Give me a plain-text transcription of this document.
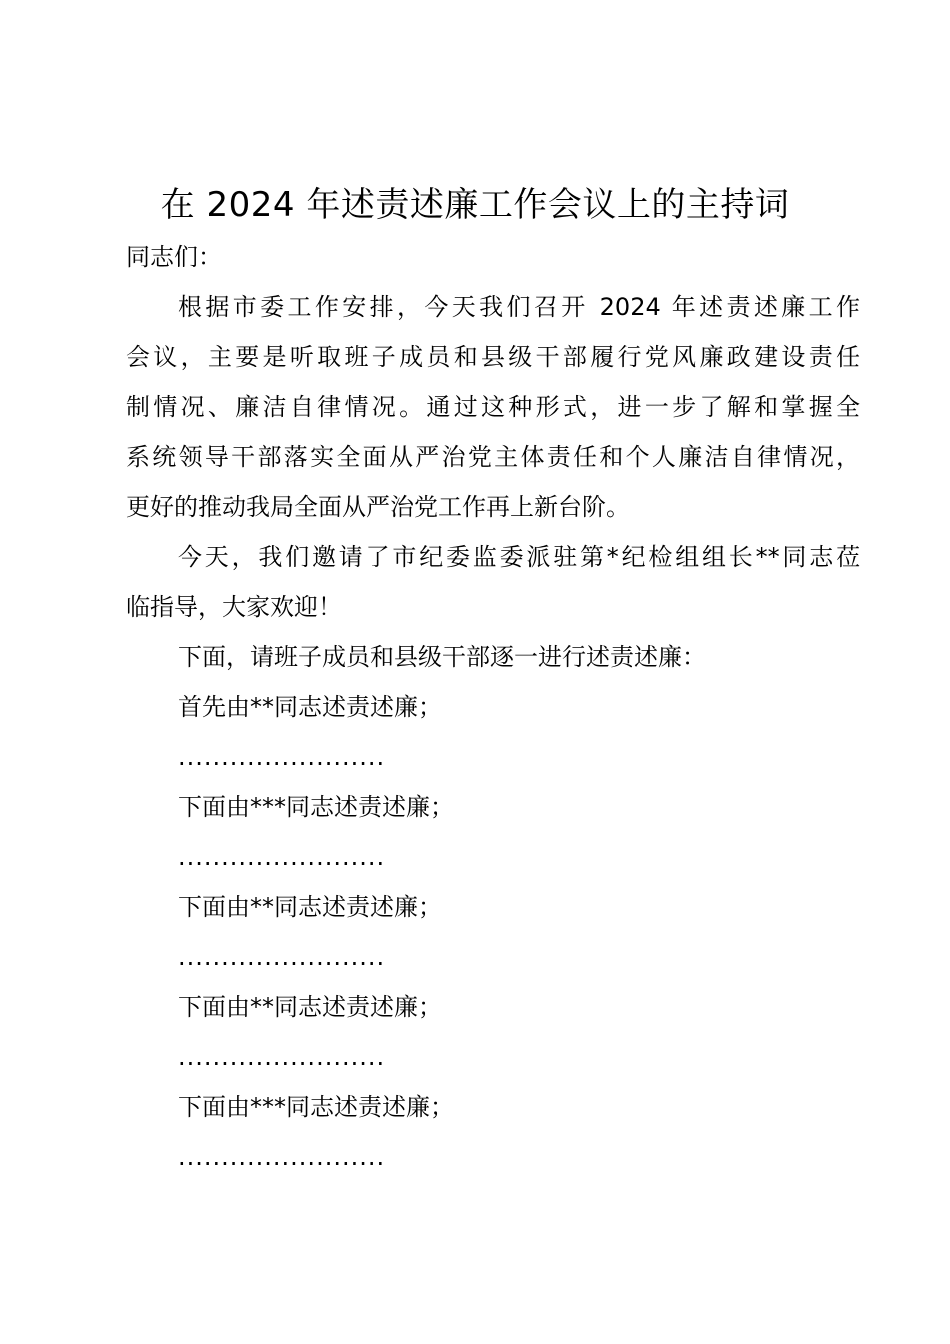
在 2024 年述责述廉工作会议上的主持词
同志们：
根据市委工作安排，今天我们召开 2024 年述责述廉工作
会议，主要是听取班子成员和县级干部履行党风廉政建设责任
制情况、廉洁自律情况。通过这种形式，进一步了解和掌握全
系统领导干部落实全面从严治党主体责任和个人廉洁自律情况，
更好的推动我局全面从严治党工作再上新台阶。
今天，我们邀请了市纪委监委派驻第*纪检组组长**同志莅
临指导，大家欢迎！
下面，请班子成员和县级干部逐一进行述责述廉：
首先由**同志述责述廉；
........................
下面由***同志述责述廉；
........................
下面由**同志述责述廉；
........................
下面由**同志述责述廉；
........................
下面由***同志述责述廉；
........................
